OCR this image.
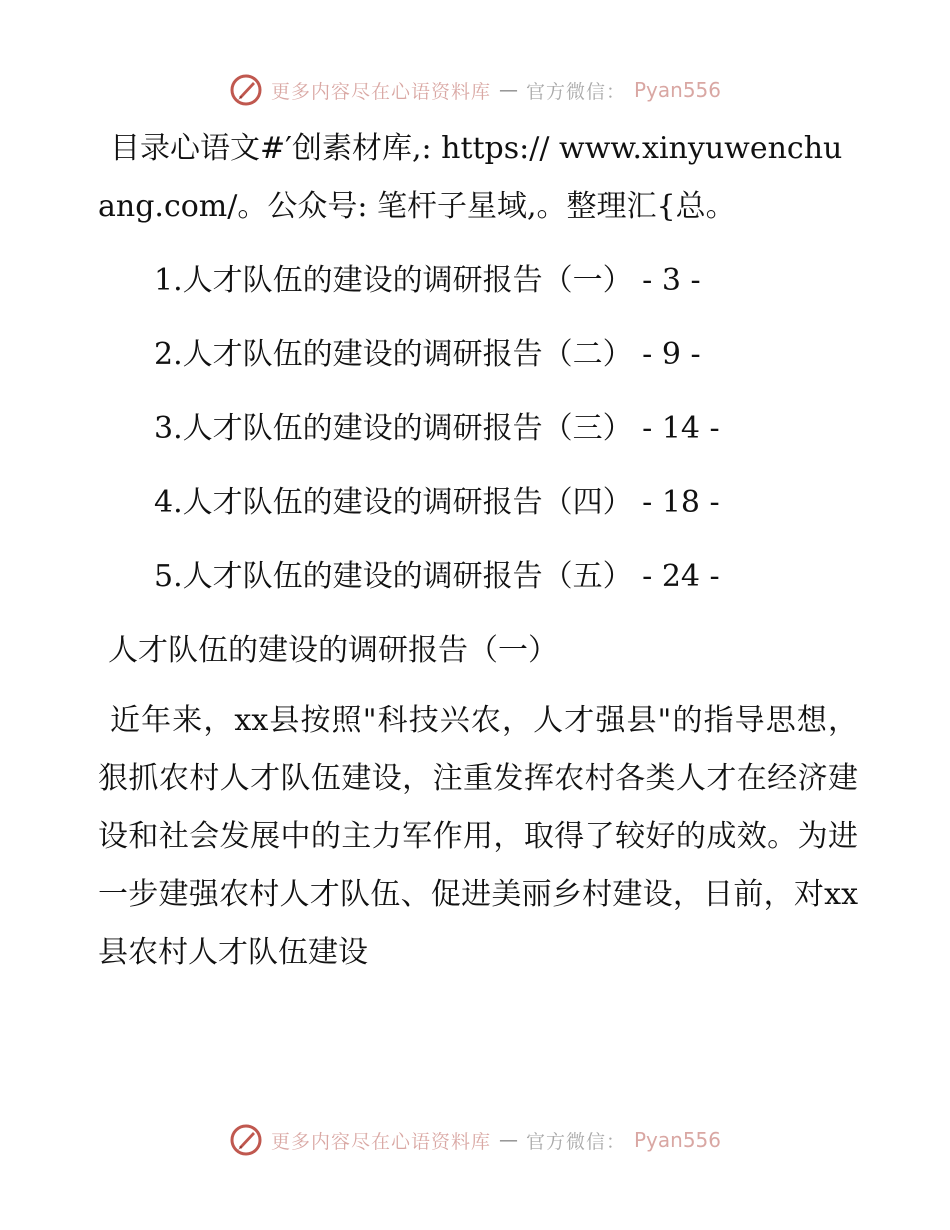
更多内容尽在心语资料库 — 官方微信： Pyan556

目录心语文#′创素材库,: https:// www.xinyuwenchuang.com/。公众号: 笔杆子星域,。整理汇{总。

1.人才队伍的建设的调研报告（一） - 3 -
2.人才队伍的建设的调研报告（二） - 9 -
3.人才队伍的建设的调研报告（三） - 14 -
4.人才队伍的建设的调研报告（四） - 18 -
5.人才队伍的建设的调研报告（五） - 24 -
人才队伍的建设的调研报告（一）

近年来，xx县按照"科技兴农，人才强县"的指导思想，狠抓农村人才队伍建设，注重发挥农村各类人才在经济建设和社会发展中的主力军作用，取得了较好的成效。为进一步建强农村人才队伍、促进美丽乡村建设，日前，对xx县农村人才队伍建设

更多内容尽在心语资料库 — 官方微信： Pyan556
